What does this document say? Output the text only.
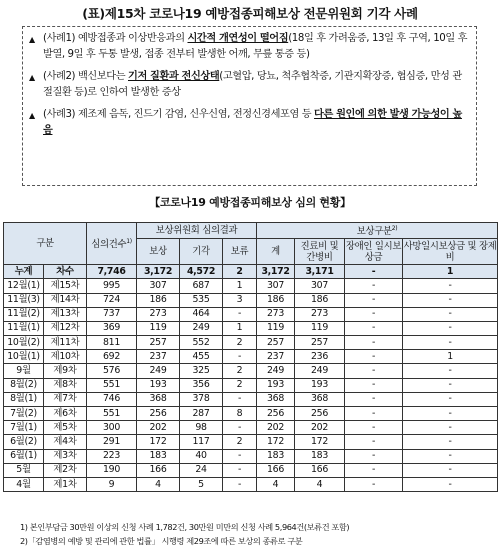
(표)제15차 코로나19 예방접종피해보상 전문위원회 기각 사례
▲ (사례1) 예방접종과 이상반응과의 시간적 개연성이 떨어짐(18일 후 가려움증, 13일 후 구역, 10일 후 발열, 9일 후 두통 발생, 접종 전부터 발생한 어깨, 무릎 통증 등)
▲ (사례2) 백신보다는 기저 질환과 전신상태(고혈압, 당뇨, 척추협착증, 기관지확장증, 협심증, 만성 관절질환 등)로 인하여 발생한 증상
▲ (사례3) 제조제 음독, 진드기 감염, 신우신염, 전정신경세포염 등 다른 원인에 의한 발생 가능성이 높음
【코로나19 예방접종피해보상 심의 현황】
구분		심의건수$^{1)}$	보상위원회 심의결과			보상구분$^{2)}$
			보상	기각	보류	계	진료비 및 간병비	장애인 일시보상금	사망일시보상금 및 장제비
누계	차수	7,746	3,172	4,572	2	3,172	3,171	-	1
12월(1)	제15차	995	307	687	1	307	307	-	-
11월(3)	제14차	724	186	535	3	186	186	-	-
11월(2)	제13차	737	273	464	-	273	273	-	-
11월(1)	제12차	369	119	249	1	119	119	-	-
10월(2)	제11차	811	257	552	2	257	257	-	-
10월(1)	제10차	692	237	455	-	237	236	-	1
9월	제9차	576	249	325	2	249	249	-	-
8월(2)	제8차	551	193	356	2	193	193	-	-
8월(1)	제7차	746	368	378	-	368	368	-	-
7월(2)	제6차	551	256	287	8	256	256	-	-
7월(1)	제5차	300	202	98	-	202	202	-	-
6월(2)	제4차	291	172	117	2	172	172	-	-
6월(1)	제3차	223	183	40	-	183	183	-	-
5월	제2차	190	166	24	-	166	166	-	-
4월	제1차	9	4	5	-	4	4	-	-
1) 본인부담금 30만원 이상의 신청 사례 1,782건, 30만원 미만의 신청 사례 5,964건(보류건 포함)
2)「감염병의 예방 및 관리에 관한 법률」 시행령 제29조에 따른 보상의 종류로 구분
